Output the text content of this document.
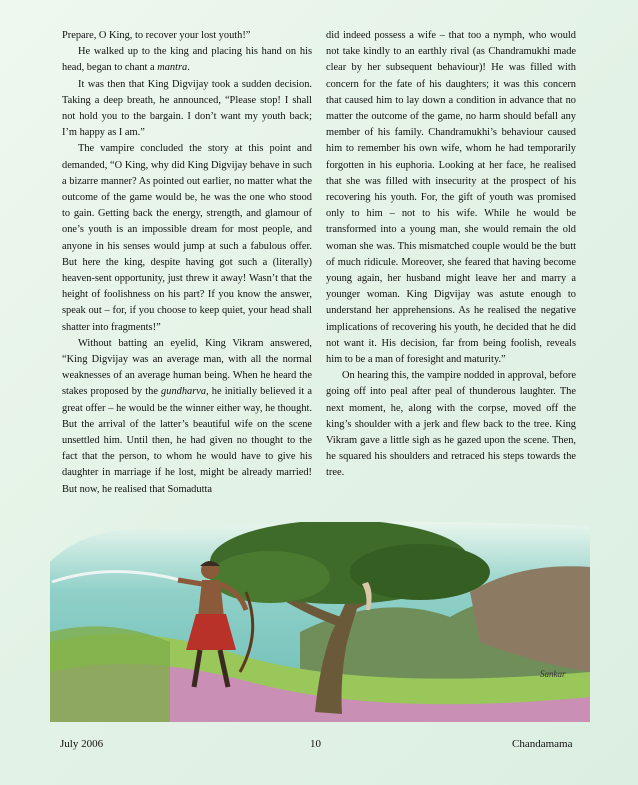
Prepare, O King, to recover your lost youth!”

He walked up to the king and placing his hand on his head, began to chant a mantra.

It was then that King Digvijay took a sudden decision. Taking a deep breath, he announced, “Please stop! I shall not hold you to the bargain. I don’t want my youth back; I’m happy as I am.”

The vampire concluded the story at this point and demanded, “O King, why did King Digvijay behave in such a bizarre manner? As pointed out earlier, no matter what the outcome of the game would be, he was the one who stood to gain. Getting back the energy, strength, and glamour of one’s youth is an impossible dream for most people, and anyone in his senses would jump at such a fabulous offer. But here the king, despite having got such a (literally) heaven-sent opportunity, just threw it away! Wasn’t that the height of foolishness on his part? If you know the answer, speak out – for, if you choose to keep quiet, your head shall shatter into fragments!”

Without batting an eyelid, King Vikram answered, “King Digvijay was an average man, with all the normal weaknesses of an average human being. When he heard the stakes proposed by the gundharva, he initially believed it a great offer – he would be the winner either way, he thought. But the arrival of the latter’s beautiful wife on the scene unsettled him. Until then, he had given no thought to the fact that the person, to whom he would have to give his daughter in marriage if he lost, might be already married! But now, he realised that Somadutta

did indeed possess a wife – that too a nymph, who would not take kindly to an earthly rival (as Chandramukhi made clear by her subsequent behaviour)! He was filled with concern for the fate of his daughters; it was this concern that caused him to lay down a condition in advance that no matter the outcome of the game, no harm should befall any member of his family. Chandramukhi’s behaviour caused him to remember his own wife, whom he had temporarily forgotten in his euphoria. Looking at her face, he realised that she was filled with insecurity at the prospect of his recovering his youth. For, the gift of youth was promised only to him – not to his wife. While he would be transformed into a young man, she would remain the old woman she was. This mismatched couple would be the butt of much ridicule. Moreover, she feared that having become young again, her husband might leave her and marry a younger woman. King Digvijay was astute enough to understand her apprehensions. As he realised the negative implications of recovering his youth, he decided that he did not want it. His decision, far from being foolish, reveals him to be a man of foresight and maturity.”

On hearing this, the vampire nodded in approval, before going off into peal after peal of thunderous laughter. The next moment, he, along with the corpse, moved off the king’s shoulder with a jerk and flew back to the tree. King Vikram gave a little sigh as he gazed upon the scene. Then, he squared his shoulders and retraced his steps towards the tree.

Sankar
July 2006	10	Chandamama
